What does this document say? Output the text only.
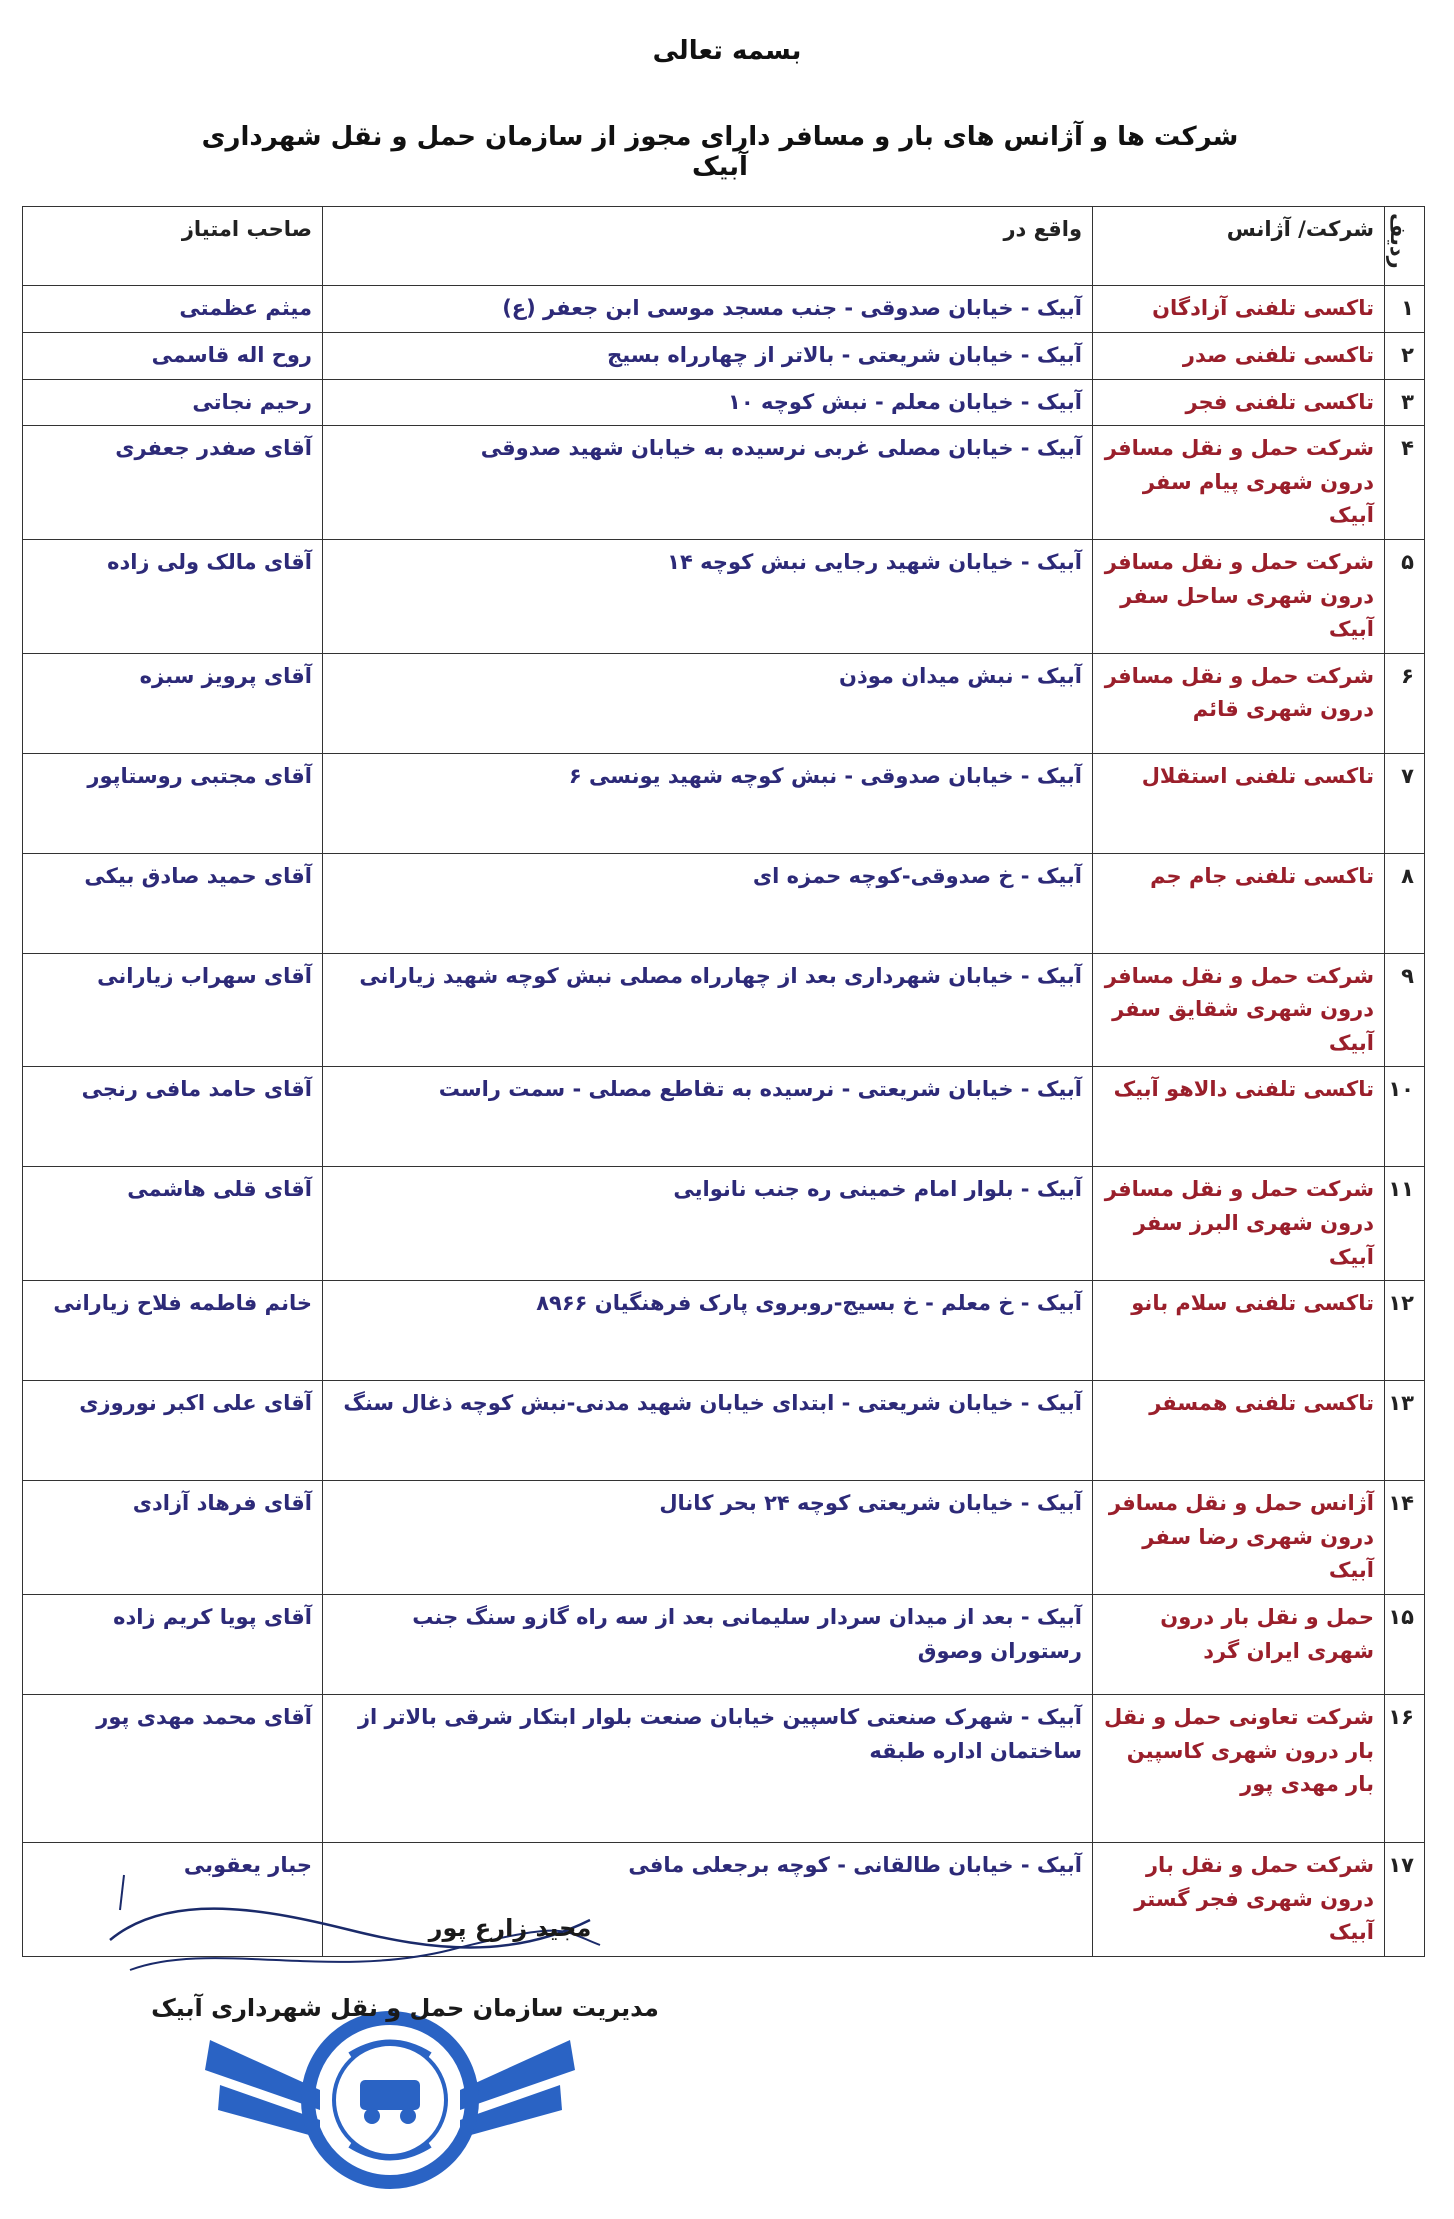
بسمه تعالی
شرکت ها و آژانس های بار و مسافر دارای مجوز از سازمان حمل و نقل شهرداری آبیک
ردیف	شرکت/ آژانس	واقع در	صاحب امتیاز
۱	تاکسی تلفنی آزادگان	آبیک - خیابان صدوقی - جنب مسجد موسی ابن جعفر (ع)	میثم عظمتی
۲	تاکسی تلفنی صدر	آبیک - خیابان شریعتی - بالاتر از چهارراه بسیج	روح اله قاسمی
۳	تاکسی تلفنی فجر	آبیک - خیابان معلم - نبش کوچه ۱۰	رحیم نجاتی
۴	شرکت حمل و نقل مسافر درون شهری پیام سفر آبیک	آبیک - خیابان مصلی غربی نرسیده به خیابان شهید صدوقی	آقای صفدر جعفری
۵	شرکت حمل و نقل مسافر درون شهری ساحل سفر آبیک	آبیک - خیابان شهید رجایی نبش کوچه ۱۴	آقای مالک ولی زاده
۶	شرکت حمل و نقل مسافر درون شهری قائم	آبیک - نبش میدان موذن	آقای پرویز سبزه
۷	تاکسی تلفنی استقلال	آبیک - خیابان صدوقی - نبش کوچه شهید یونسی ۶	آقای مجتبی روستاپور
۸	تاکسی تلفنی جام جم	آبیک - خ صدوقی-کوچه حمزه ای	آقای حمید صادق بیکی
۹	شرکت حمل و نقل مسافر درون شهری شقایق سفر آبیک	آبیک - خیابان شهرداری بعد از چهارراه مصلی نبش کوچه شهید زیارانی	آقای سهراب زیارانی
۱۰	تاکسی تلفنی دالاهو آبیک	آبیک - خیابان شریعتی - نرسیده به تقاطع مصلی - سمت راست	آقای حامد مافی رنجی
۱۱	شرکت حمل و نقل مسافر درون شهری البرز سفر آبیک	آبیک - بلوار امام خمینی ره جنب نانوایی	آقای قلی هاشمی
۱۲	تاکسی تلفنی سلام بانو	آبیک - خ معلم - خ بسیج-روبروی پارک فرهنگیان ۸۹۶۶	خانم فاطمه فلاح زیارانی
۱۳	تاکسی تلفنی همسفر	آبیک - خیابان شریعتی - ابتدای خیابان شهید مدنی-نبش کوچه ذغال سنگ	آقای علی اکبر نوروزی
۱۴	آژانس حمل و نقل مسافر درون شهری رضا سفر آبیک	آبیک - خیابان شریعتی کوچه ۲۴ بحر کانال	آقای فرهاد آزادی
۱۵	حمل و نقل بار درون شهری ایران گرد	آبیک - بعد از میدان سردار سلیمانی بعد از سه راه گازو سنگ جنب رستوران وصوق	آقای پویا کریم زاده
۱۶	شرکت تعاونی حمل و نقل بار درون شهری کاسپین بار مهدی پور	آبیک - شهرک صنعتی کاسپین خیابان صنعت بلوار ابتکار شرقی بالاتر از ساختمان اداره طبقه	آقای محمد مهدی پور
۱۷	شرکت حمل و نقل بار درون شهری فجر گستر آبیک	آبیک - خیابان طالقانی - کوچه برجعلی مافی	جبار یعقوبی

مجید زارع پور

مدیریت سازمان حمل و نقل شهرداری آبیک
